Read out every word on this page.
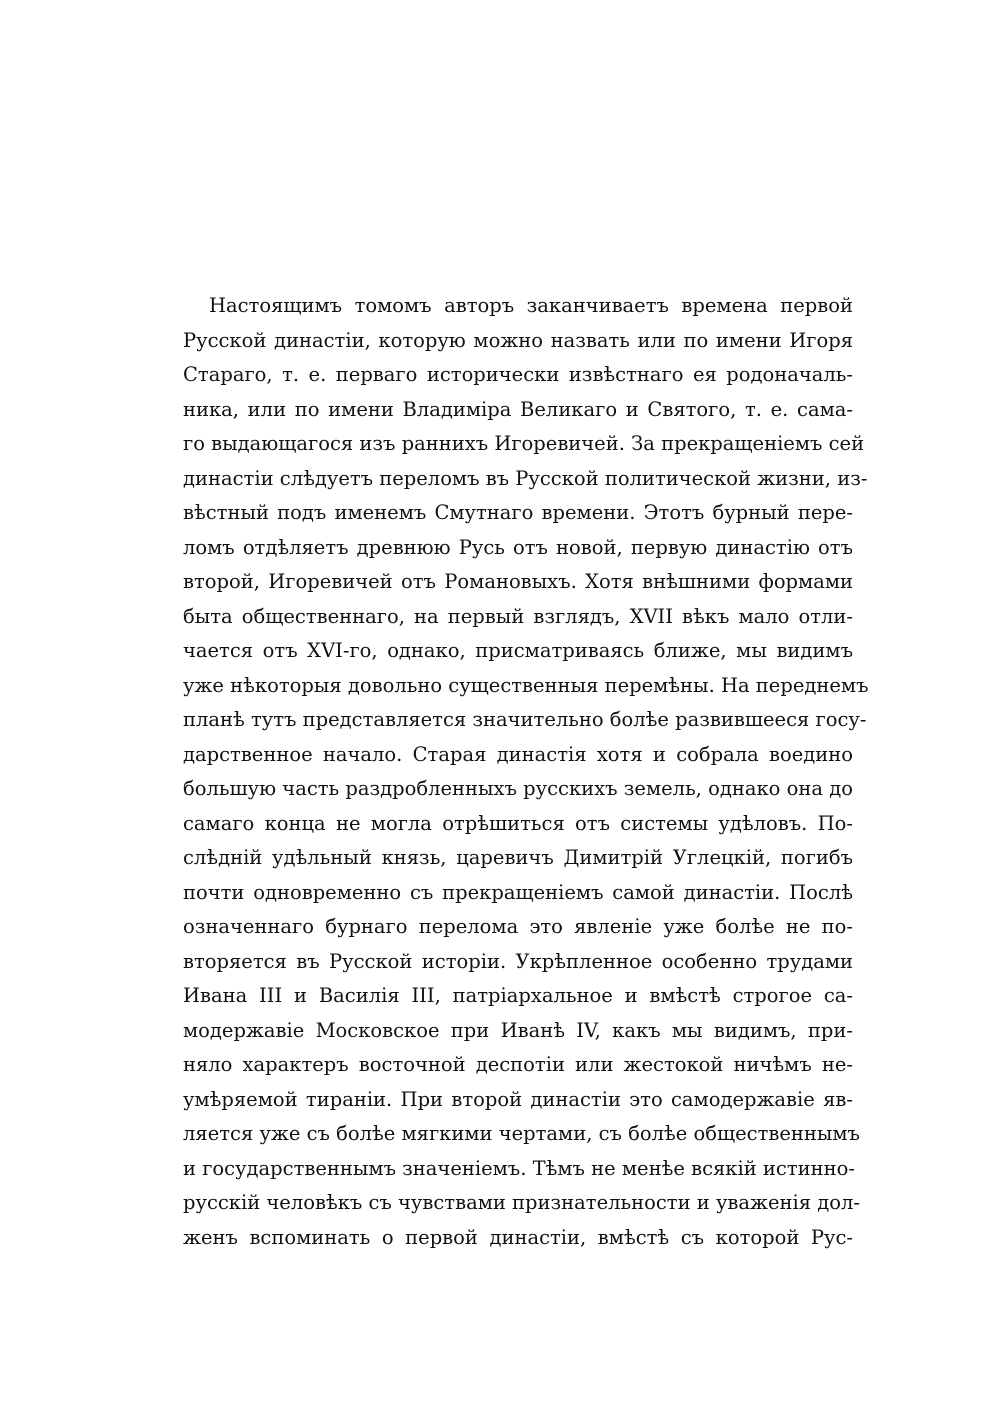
Настоящимъ томомъ авторъ заканчиваетъ времена первой
Русской династіи, которую можно назвать или по имени Игоря
Стараго, т. е. перваго исторически извѣстнаго ея родоначаль-
ника, или по имени Владиміра Великаго и Святого, т. е. сама-
го выдающагося изъ раннихъ Игоревичей. За прекращеніемъ сей
династіи слѣдуетъ переломъ въ Русской политической жизни, из-
вѣстный подъ именемъ Смутнаго времени. Этотъ бурный пере-
ломъ отдѣляетъ древнюю Русь отъ новой, первую династію отъ
второй, Игоревичей отъ Романовыхъ. Хотя внѣшними формами
быта общественнаго, на первый взглядъ, XVII вѣкъ мало отли-
чается отъ XVI-го, однако, присматриваясь ближе, мы видимъ
уже нѣкоторыя довольно существенныя перемѣны. На переднемъ
планѣ тутъ представляется значительно болѣе развившееся госу-
дарственное начало. Старая династія хотя и собрала воедино
большую часть раздробленныхъ русскихъ земель, однако она до
самаго конца не могла отрѣшиться отъ системы удѣловъ. По-
слѣдній удѣльный князь, царевичъ Димитрій Углецкій, погибъ
почти одновременно съ прекращеніемъ самой династіи. Послѣ
означеннаго бурнаго перелома это явленіе уже болѣе не по-
вторяется въ Русской исторіи. Укрѣпленное особенно трудами
Ивана III и Василія III, патріархальное и вмѣстѣ строгое са-
модержавіе Московское при Иванѣ IV, какъ мы видимъ, при-
няло характеръ восточной деспотіи или жестокой ничѣмъ не-
умѣряемой тираніи. При второй династіи это самодержавіе яв-
ляется уже съ болѣе мягкими чертами, съ болѣе общественнымъ
и государственнымъ значеніемъ. Тѣмъ не менѣе всякій истинно-
русскій человѣкъ съ чувствами признательности и уваженія дол-
женъ вспоминать о первой династіи, вмѣстѣ съ которой Рус-
